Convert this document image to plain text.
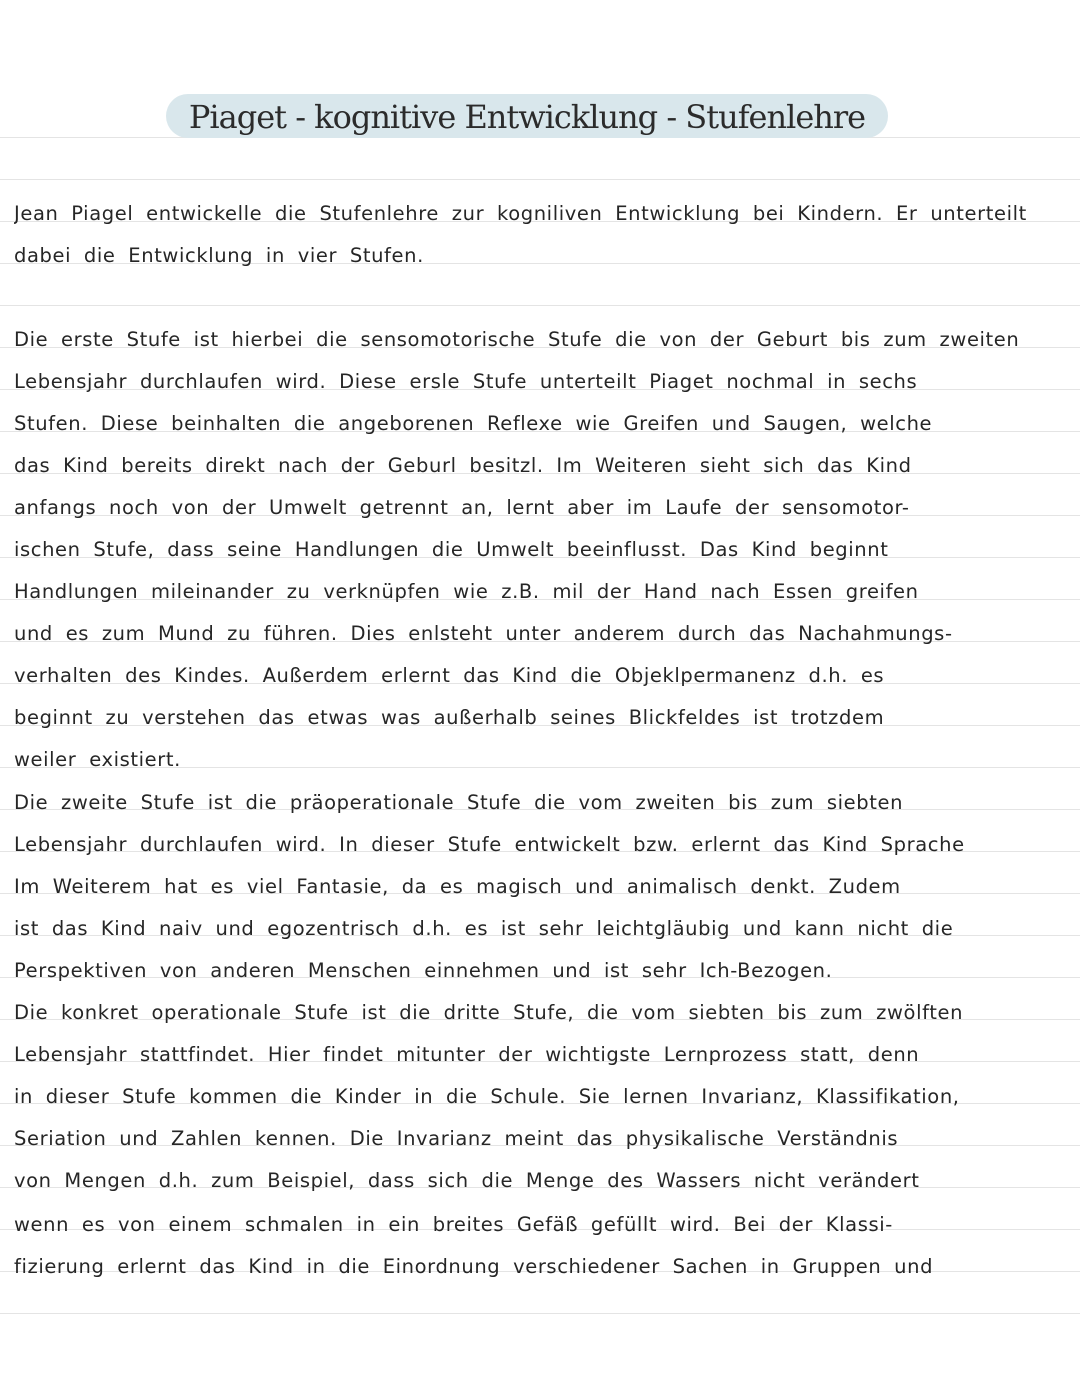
Piaget - kognitive Entwicklung - Stufenlehre

Jean Piagel entwickelle die Stufenlehre zur kogniliven Entwicklung bei Kindern. Er unterteilt

dabei die Entwicklung in vier Stufen.

Die erste Stufe ist hierbei die sensomotorische Stufe die von der Geburt bis zum zweiten

Lebensjahr durchlaufen wird. Diese ersle Stufe unterteilt Piaget nochmal in sechs

Stufen. Diese beinhalten die angeborenen Reflexe wie Greifen und Saugen, welche

das Kind bereits direkt nach der Geburl besitzl. Im Weiteren sieht sich das Kind

anfangs noch von der Umwelt getrennt an, lernt aber im Laufe der sensomotor-

ischen Stufe, dass seine Handlungen die Umwelt beeinflusst. Das Kind beginnt

Handlungen mileinander zu verknüpfen wie z.B. mil der Hand nach Essen greifen

und es zum Mund zu führen. Dies enlsteht unter anderem durch das Nachahmungs-

verhalten des Kindes. Außerdem erlernt das Kind die Objeklpermanenz d.h. es

beginnt zu verstehen das etwas was außerhalb seines Blickfeldes ist trotzdem

weiler existiert.

Die zweite Stufe ist die präoperationale Stufe die vom zweiten bis zum siebten

Lebensjahr durchlaufen wird. In dieser Stufe entwickelt bzw. erlernt das Kind Sprache

Im Weiterem hat es viel Fantasie, da es magisch und animalisch denkt. Zudem

ist das Kind naiv und egozentrisch d.h. es ist sehr leichtgläubig und kann nicht die

Perspektiven von anderen Menschen einnehmen und ist sehr Ich-Bezogen.

Die konkret operationale Stufe ist die dritte Stufe, die vom siebten bis zum zwölften

Lebensjahr stattfindet. Hier findet mitunter der wichtigste Lernprozess statt, denn

in dieser Stufe kommen die Kinder in die Schule. Sie lernen Invarianz, Klassifikation,

Seriation und Zahlen kennen. Die Invarianz meint das physikalische Verständnis

von Mengen d.h. zum Beispiel, dass sich die Menge des Wassers nicht verändert

wenn es von einem schmalen in ein breites Gefäß gefüllt wird. Bei der Klassi-

fizierung erlernt das Kind in die Einordnung verschiedener Sachen in Gruppen und
